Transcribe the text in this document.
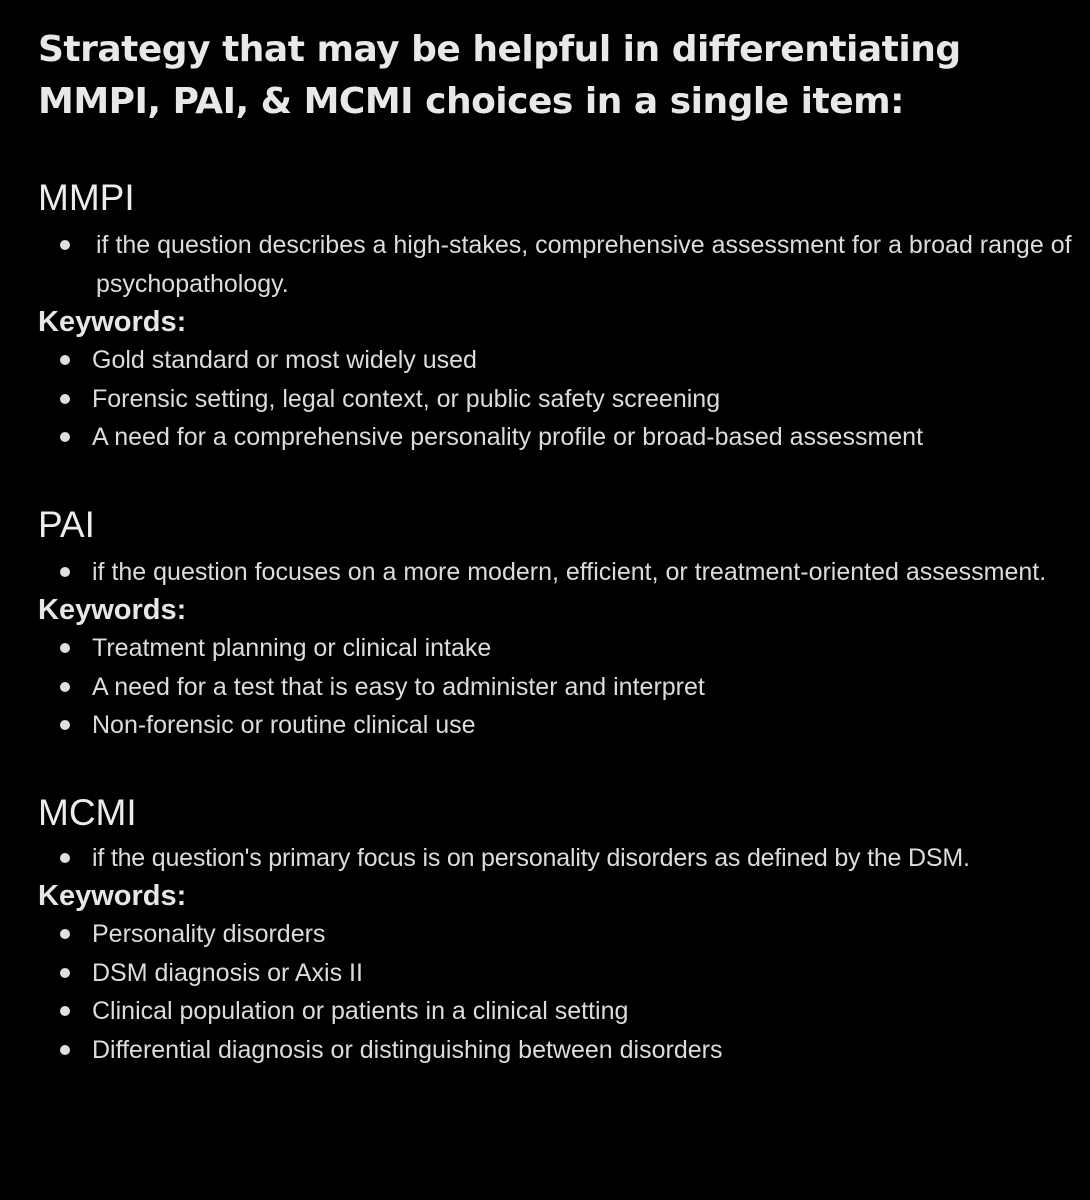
Strategy that may be helpful in differentiating MMPI, PAI, & MCMI choices in a single item:
MMPI
if the question describes a high-stakes, comprehensive assessment for a broad range of psychopathology.
Keywords:
Gold standard or most widely used
Forensic setting, legal context, or public safety screening
A need for a comprehensive personality profile or broad-based assessment
PAI
if the question focuses on a more modern, efficient, or treatment-oriented assessment.
Keywords:
Treatment planning or clinical intake
A need for a test that is easy to administer and interpret
Non-forensic or routine clinical use
MCMI
if the question's primary focus is on personality disorders as defined by the DSM.
Keywords:
Personality disorders
DSM diagnosis or Axis II
Clinical population or patients in a clinical setting
Differential diagnosis or distinguishing between disorders
